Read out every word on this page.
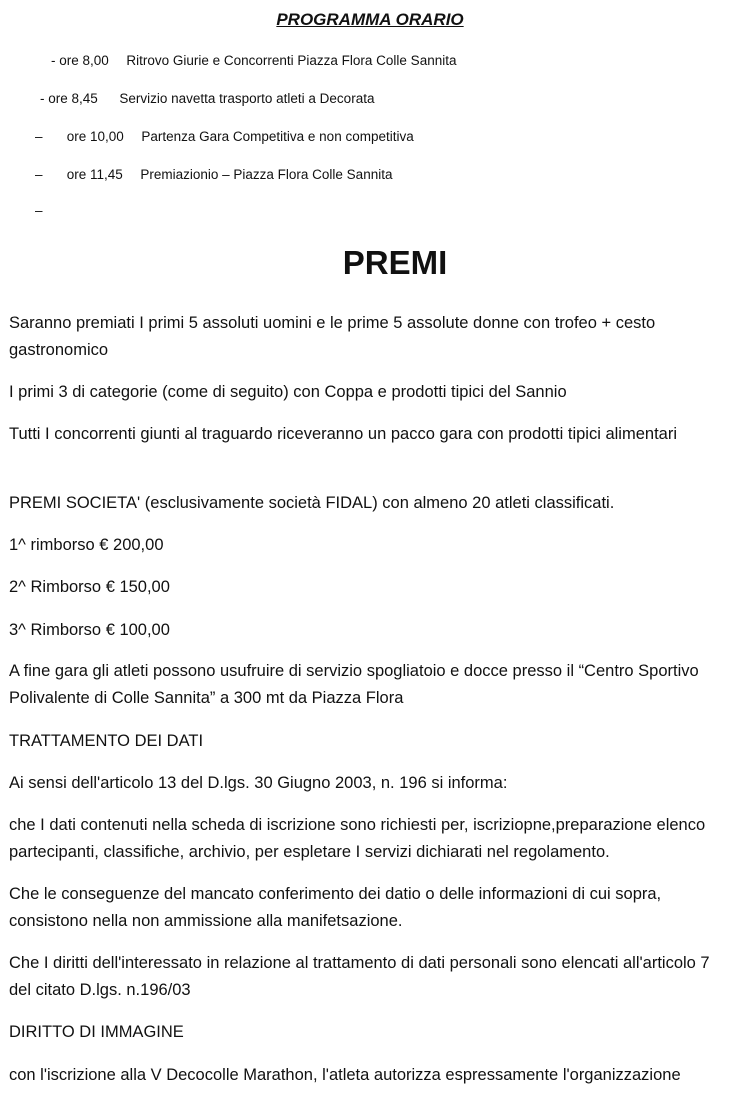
PROGRAMMA ORARIO
- ore 8,00 Ritrovo Giurie e Concorrenti Piazza Flora Colle Sannita
- ore 8,45 Servizio navetta trasporto atleti a Decorata
– ore 10,00 Partenza Gara Competitiva e non competitiva
– ore 11,45 Premiazionio – Piazza Flora Colle Sannita
–
PREMI

Saranno premiati I primi 5 assoluti uomini e le prime 5 assolute donne con trofeo + cesto gastronomico

I primi 3 di categorie (come di seguito) con Coppa e prodotti tipici del Sannio

Tutti I concorrenti giunti al traguardo riceveranno un pacco gara con prodotti tipici alimentari

PREMI SOCIETA' (esclusivamente società FIDAL) con almeno 20 atleti classificati.

1^ rimborso € 200,00

2^ Rimborso € 150,00

3^ Rimborso € 100,00

A fine gara gli atleti possono usufruire di servizio spogliatoio e docce presso il “Centro Sportivo Polivalente di Colle Sannita” a 300 mt da Piazza Flora

TRATTAMENTO DEI DATI

Ai sensi dell'articolo 13 del D.lgs. 30 Giugno 2003, n. 196 si informa:

che I dati contenuti nella scheda di iscrizione sono richiesti per, iscriziopne,preparazione elenco partecipanti, classifiche, archivio, per espletare I servizi dichiarati nel regolamento.

Che le conseguenze del mancato conferimento dei datio o delle informazioni di cui sopra, consistono nella non ammissione alla manifetsazione.

Che I diritti dell'interessato in relazione al trattamento di dati personali sono elencati all'articolo 7 del citato D.lgs. n.196/03

DIRITTO DI IMMAGINE

con l'iscrizione alla V Decocolle Marathon, l'atleta autorizza espressamente l'organizzazione
